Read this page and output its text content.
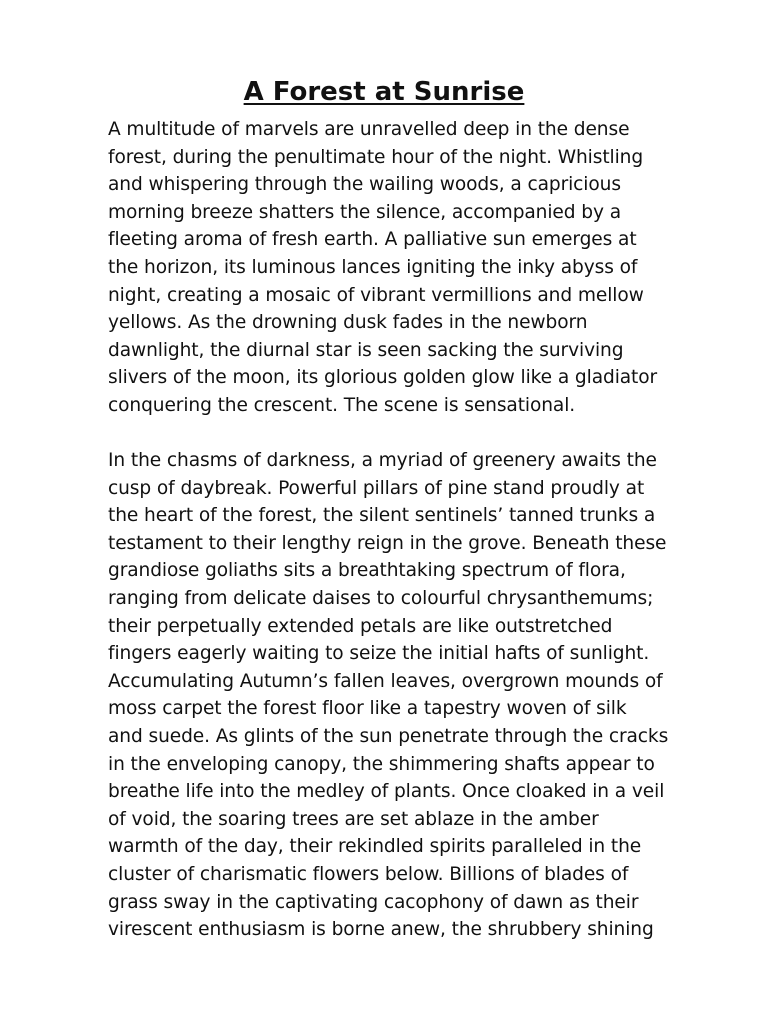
A Forest at Sunrise

A multitude of marvels are unravelled deep in the dense
forest, during the penultimate hour of the night. Whistling
and whispering through the wailing woods, a capricious
morning breeze shatters the silence, accompanied by a
fleeting aroma of fresh earth. A palliative sun emerges at
the horizon, its luminous lances igniting the inky abyss of
night, creating a mosaic of vibrant vermillions and mellow
yellows. As the drowning dusk fades in the newborn
dawnlight, the diurnal star is seen sacking the surviving
slivers of the moon, its glorious golden glow like a gladiator
conquering the crescent. The scene is sensational.

In the chasms of darkness, a myriad of greenery awaits the
cusp of daybreak. Powerful pillars of pine stand proudly at
the heart of the forest, the silent sentinels’ tanned trunks a
testament to their lengthy reign in the grove. Beneath these
grandiose goliaths sits a breathtaking spectrum of flora,
ranging from delicate daises to colourful chrysanthemums;
their perpetually extended petals are like outstretched
fingers eagerly waiting to seize the initial hafts of sunlight.
Accumulating Autumn’s fallen leaves, overgrown mounds of
moss carpet the forest floor like a tapestry woven of silk
and suede. As glints of the sun penetrate through the cracks
in the enveloping canopy, the shimmering shafts appear to
breathe life into the medley of plants. Once cloaked in a veil
of void, the soaring trees are set ablaze in the amber
warmth of the day, their rekindled spirits paralleled in the
cluster of charismatic flowers below. Billions of blades of
grass sway in the captivating cacophony of dawn as their
virescent enthusiasm is borne anew, the shrubbery shining
